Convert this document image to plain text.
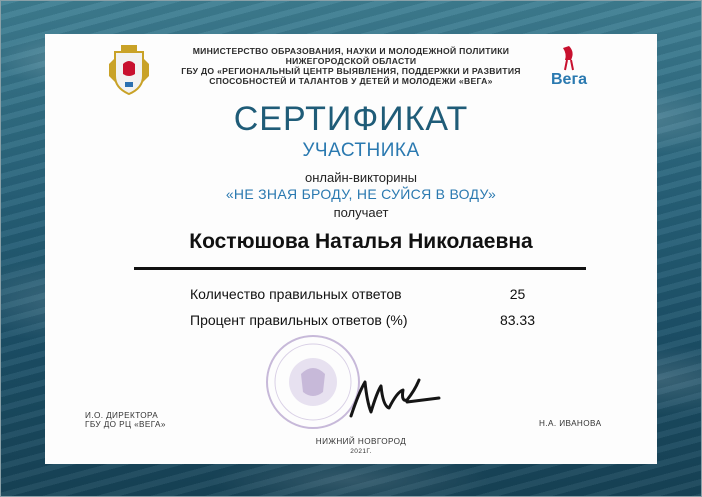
МИНИСТЕРСТВО ОБРАЗОВАНИЯ, НАУКИ И МОЛОДЕЖНОЙ ПОЛИТИКИ
НИЖЕГОРОДСКОЙ ОБЛАСТИ
ГБУ ДО «РЕГИОНАЛЬНЫЙ ЦЕНТР ВЫЯВЛЕНИЯ, ПОДДЕРЖКИ И РАЗВИТИЯ
СПОСОБНОСТЕЙ И ТАЛАНТОВ У ДЕТЕЙ И МОЛОДЕЖИ «ВЕГА»	Вега
СЕРТИФИКАТ
УЧАСТНИКА
онлайн-викторины
«НЕ ЗНАЯ БРОДУ, НЕ СУЙСЯ В ВОДУ»
получает
Костюшова Наталья Николаевна
Количество правильных ответов	25
Процент правильных ответов (%)	83.33
И.О. ДИРЕКТОРА
ГБУ ДО РЦ «ВЕГА»
НИЖНИЙ НОВГОРОД
2021Г.
Н.А. ИВАНОВА
